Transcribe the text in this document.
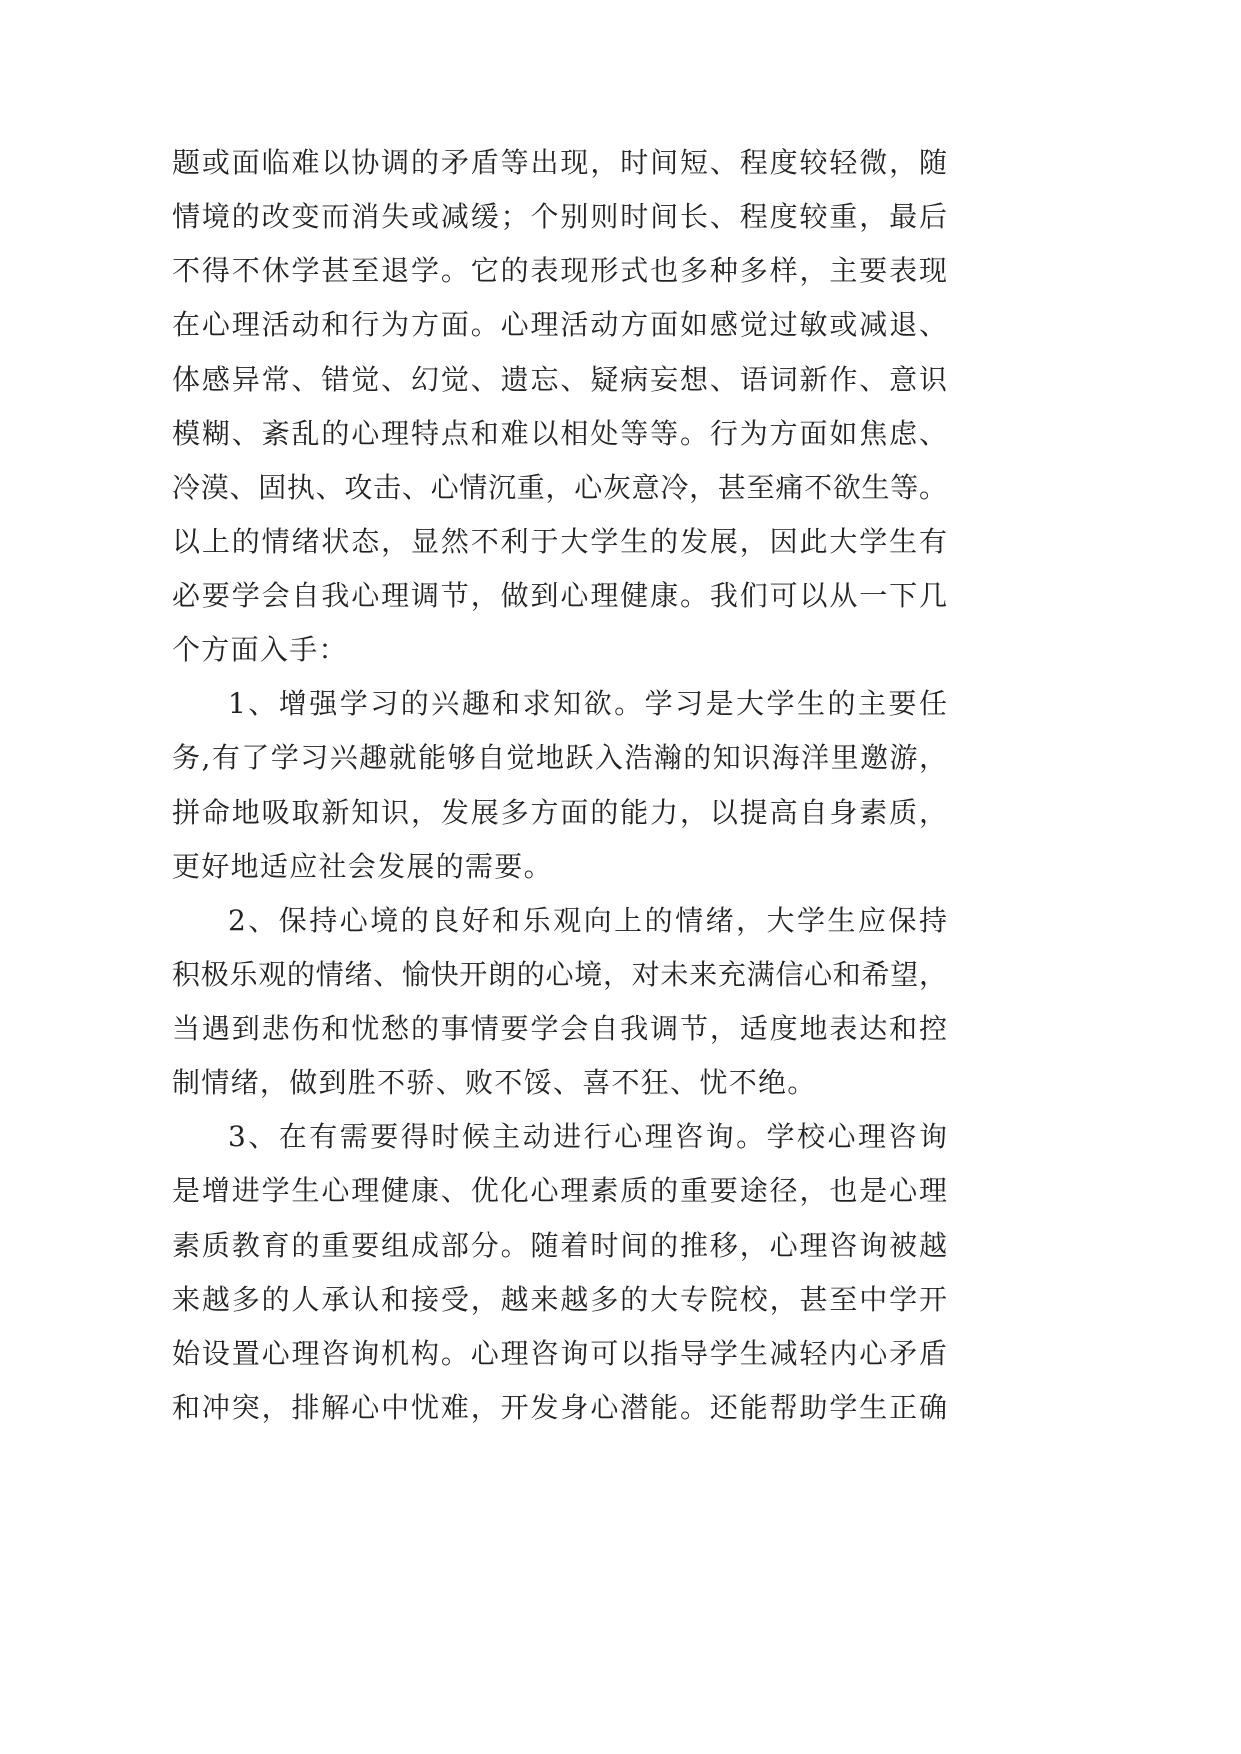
题或面临难以协调的矛盾等出现，时间短、程度较轻微，随
情境的改变而消失或减缓；个别则时间长、程度较重，最后
不得不休学甚至退学。它的表现形式也多种多样，主要表现
在心理活动和行为方面。心理活动方面如感觉过敏或减退、
体感异常、错觉、幻觉、遗忘、疑病妄想、语词新作、意识
模糊、紊乱的心理特点和难以相处等等。行为方面如焦虑、
冷漠、固执、攻击、心情沉重，心灰意冷，甚至痛不欲生等。
以上的情绪状态，显然不利于大学生的发展，因此大学生有
必要学会自我心理调节，做到心理健康。我们可以从一下几
个方面入手：
1、增强学习的兴趣和求知欲。学习是大学生的主要任
务,有了学习兴趣就能够自觉地跃入浩瀚的知识海洋里邀游，
拼命地吸取新知识，发展多方面的能力，以提高自身素质，
更好地适应社会发展的需要。
2、保持心境的良好和乐观向上的情绪，大学生应保持
积极乐观的情绪、愉快开朗的心境，对未来充满信心和希望，
当遇到悲伤和忧愁的事情要学会自我调节，适度地表达和控
制情绪，做到胜不骄、败不馁、喜不狂、忧不绝。
3、在有需要得时候主动进行心理咨询。学校心理咨询
是增进学生心理健康、优化心理素质的重要途径，也是心理
素质教育的重要组成部分。随着时间的推移，心理咨询被越
来越多的人承认和接受，越来越多的大专院校，甚至中学开
始设置心理咨询机构。心理咨询可以指导学生减轻内心矛盾
和冲突，排解心中忧难，开发身心潜能。还能帮助学生正确
